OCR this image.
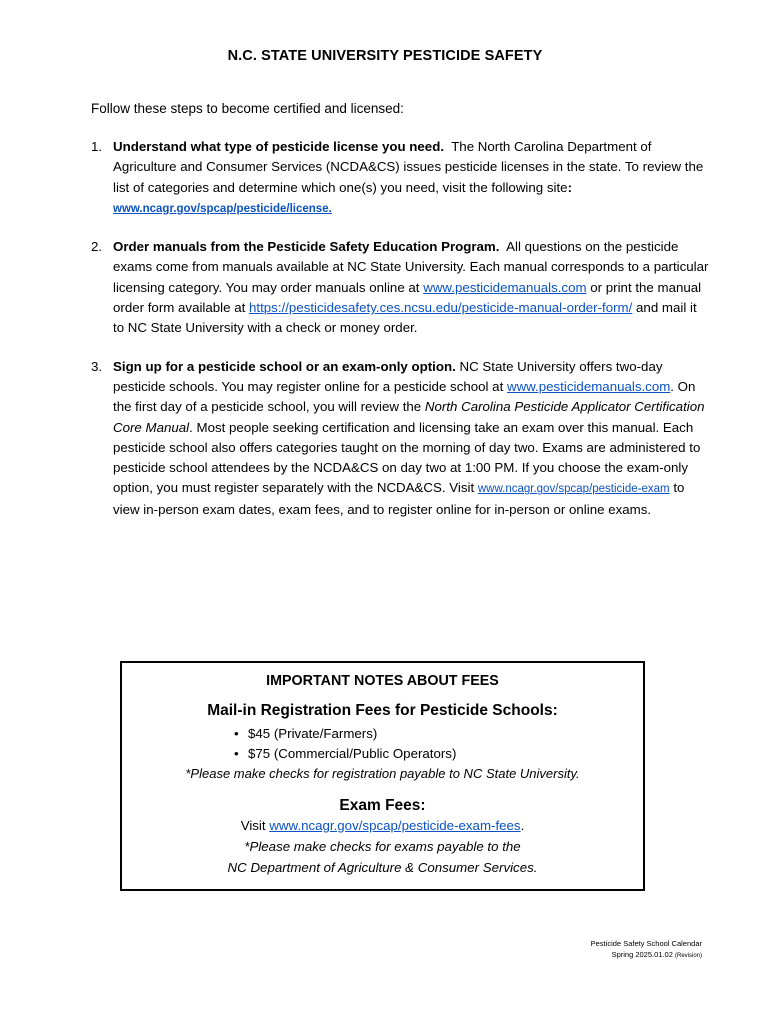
N.C. STATE UNIVERSITY PESTICIDE SAFETY
Follow these steps to become certified and licensed:
1. Understand what type of pesticide license you need. The North Carolina Department of Agriculture and Consumer Services (NCDA&CS) issues pesticide licenses in the state. To review the list of categories and determine which one(s) you need, visit the following site:
www.ncagr.gov/spcap/pesticide/license.
2. Order manuals from the Pesticide Safety Education Program. All questions on the pesticide exams come from manuals available at NC State University. Each manual corresponds to a particular licensing category. You may order manuals online at www.pesticidemanuals.com or print the manual order form available at https://pesticidesafety.ces.ncsu.edu/pesticide-manual-order-form/ and mail it to NC State University with a check or money order.
3. Sign up for a pesticide school or an exam-only option. NC State University offers two-day pesticide schools. You may register online for a pesticide school at www.pesticidemanuals.com. On the first day of a pesticide school, you will review the North Carolina Pesticide Applicator Certification Core Manual. Most people seeking certification and licensing take an exam over this manual. Each pesticide school also offers categories taught on the morning of day two. Exams are administered to pesticide school attendees by the NCDA&CS on day two at 1:00 PM. If you choose the exam-only option, you must register separately with the NCDA&CS. Visit www.ncagr.gov/spcap/pesticide-exam to view in-person exam dates, exam fees, and to register online for in-person or online exams.
IMPORTANT NOTES ABOUT FEES
Mail-in Registration Fees for Pesticide Schools:
• $45 (Private/Farmers)
• $75 (Commercial/Public Operators)
*Please make checks for registration payable to NC State University.
Exam Fees:
Visit www.ncagr.gov/spcap/pesticide-exam-fees.
*Please make checks for exams payable to the
NC Department of Agriculture & Consumer Services.
Pesticide Safety School Calendar
Spring 2025.01.02 (Revision)
